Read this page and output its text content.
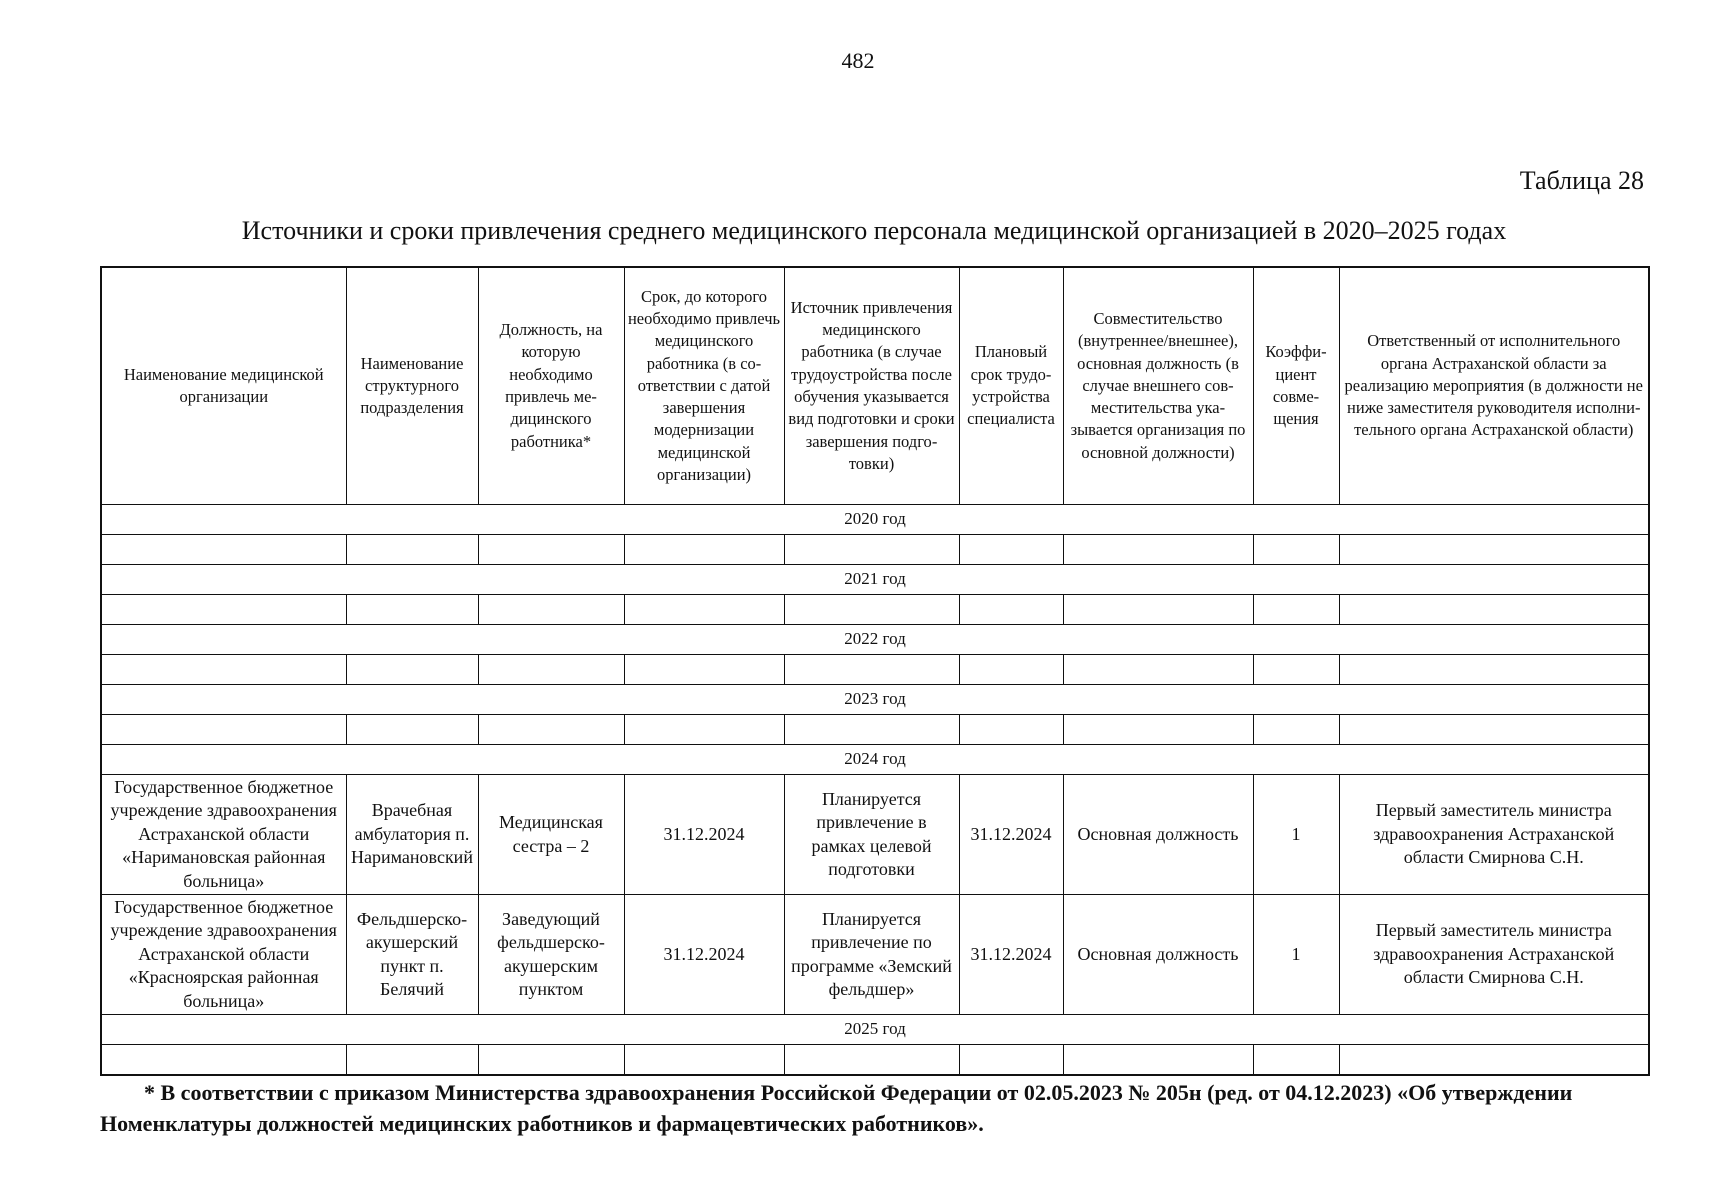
482
Таблица 28
Источники и сроки привлечения среднего медицинского персонала медицинской организацией в 2020–2025 годах
Наименование медицинской организации	Наименование структурного подразделения	Должность, на которую необходимо привлечь медицинского работника*	Срок, до которого необходимо привлечь медицинского работника (в соответствии с датой завершения модернизации медицинской организации)	Источник привлечения медицинского работника (в случае трудоустройства после обучения указывается вид подготовки и сроки завершения подготовки)	Плановый срок трудоустройства специалиста	Совместительство (внутреннее/внешнее), основная должность (в случае внешнего совместительства указывается организация по основной должности)	Коэффициент совмещения	Ответственный от исполнительного органа Астраханской области за реализацию мероприятия (в должности не ниже заместителя руководителя исполнительного органа Астраханской области)
2020 год								

2021 год								

2022 год								

2023 год								

2024 год								
Государственное бюджетное учреждение здравоохранения Астраханской области «Наримановская районная больница»	Врачебная амбулатория п. Наримановский	Медицинская сестра – 2	31.12.2024	Планируется привлечение в рамках целевой подготовки	31.12.2024	Основная должность	1	Первый заместитель министра здравоохранения Астраханской области Смирнова С.Н.
Государственное бюджетное учреждение здравоохранения Астраханской области «Красноярская районная больница»	Фельдшерско-акушерский пункт п. Белячий	Заведующий фельдшерско-акушерским пунктом	31.12.2024	Планируется привлечение по программе «Земский фельдшер»	31.12.2024	Основная должность	1	Первый заместитель министра здравоохранения Астраханской области Смирнова С.Н.
2025 год								

* В соответствии с приказом Министерства здравоохранения Российской Федерации от 02.05.2023 № 205н (ред. от 04.12.2023) «Об утверждении Номенклатуры должностей медицинских работников и фармацевтических работников».
